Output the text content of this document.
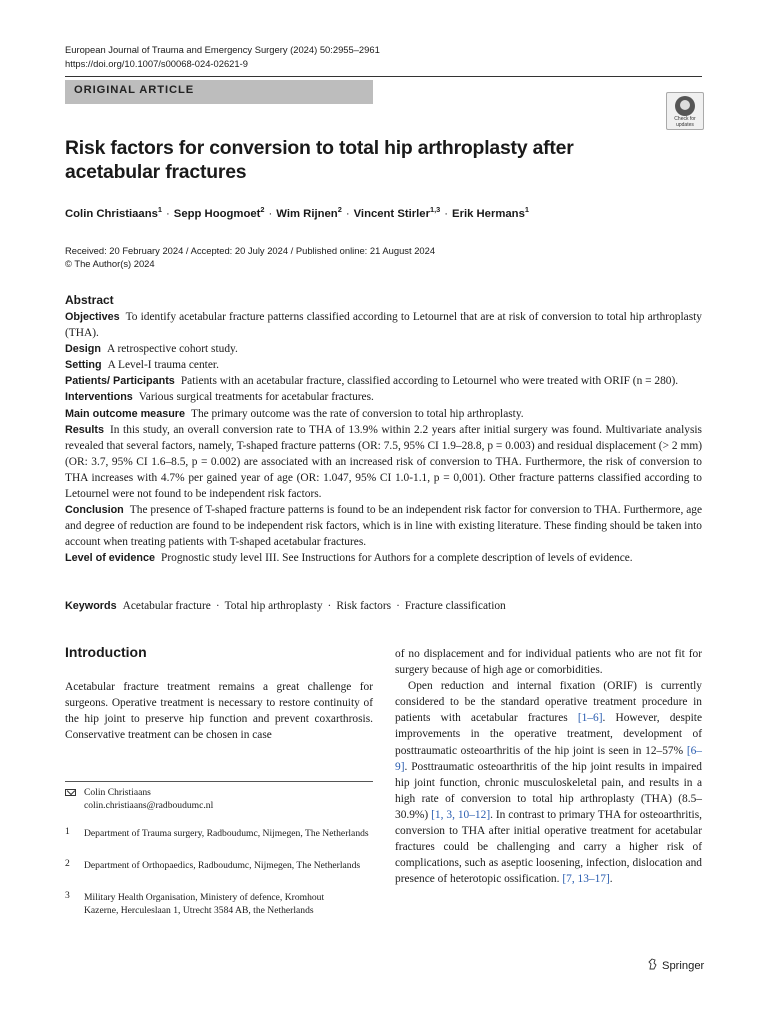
European Journal of Trauma and Emergency Surgery (2024) 50:2955–2961
https://doi.org/10.1007/s00068-024-02621-9
ORIGINAL ARTICLE
Check for
updates
Risk factors for conversion to total hip arthroplasty after acetabular fractures
Colin Christiaans$^1$ · Sepp Hoogmoet$^2$ · Wim Rijnen$^2$ · Vincent Stirler$^{1,3}$ · Erik Hermans$^1$
Received: 20 February 2024 / Accepted: 20 July 2024 / Published online: 21 August 2024
© The Author(s) 2024
Abstract

Objectives To identify acetabular fracture patterns classified according to Letournel that are at risk of conversion to total hip arthroplasty (THA).

Design A retrospective cohort study.

Setting A Level-I trauma center.

Patients/ Participants Patients with an acetabular fracture, classified according to Letournel who were treated with ORIF (n = 280).

Interventions Various surgical treatments for acetabular fractures.

Main outcome measure The primary outcome was the rate of conversion to total hip arthroplasty.

Results In this study, an overall conversion rate to THA of 13.9% within 2.2 years after initial surgery was found. Multivariate analysis revealed that several factors, namely, T-shaped fracture patterns (OR: 7.5, 95% CI 1.9–28.8, p = 0.003) and residual displacement (> 2 mm) (OR: 3.7, 95% CI 1.6–8.5, p = 0.002) are associated with an increased risk of conversion to THA. Furthermore, the risk of conversion to THA increases with 4.7% per gained year of age (OR: 1.047, 95% CI 1.0-1.1, p = 0,001). Other fracture patterns classified according to Letournel were not found to be independent risk factors.

Conclusion The presence of T-shaped fracture patterns is found to be an independent risk factor for conversion to THA. Furthermore, age and degree of reduction are found to be independent risk factors, which is in line with existing literature. These finding should be taken into account when treating patients with T-shaped acetabular fractures.

Level of evidence Prognostic study level III. See Instructions for Authors for a complete description of levels of evidence.

Keywords Acetabular fracture · Total hip arthroplasty · Risk factors · Fracture classification
Introduction
Acetabular fracture treatment remains a great challenge for surgeons. Operative treatment is necessary to restore continuity of the hip joint to preserve hip function and prevent coxarthrosis. Conservative treatment can be chosen in case

of no displacement and for individual patients who are not fit for surgery because of high age or comorbidities.

Open reduction and internal fixation (ORIF) is currently considered to be the standard operative treatment procedure in patients with acetabular fractures [1–6]. However, despite improvements in the operative treatment, development of posttraumatic osteoarthritis of the hip joint is seen in 12–57% [6–9]. Posttraumatic osteoarthritis of the hip joint results in impaired hip joint function, chronic musculoskeletal pain, and results in a high rate of conversion to total hip arthroplasty (THA) (8.5–30.9%) [1, 3, 10–12]. In contrast to primary THA for osteoarthritis, conversion to THA after initial operative treatment for acetabular fractures could be challenging and carry a higher risk of complications, such as aseptic loosening, infection, dislocation and presence of heterotopic ossification. [7, 13–17].

Colin Christiaans
colin.christiaans@radboudumc.nl
1	Department of Trauma surgery, Radboudumc, Nijmegen, The Netherlands
2	Department of Orthopaedics, Radboudumc, Nijmegen, The Netherlands
3	Military Health Organisation, Ministery of defence, Kromhout Kazerne, Herculeslaan 1, Utrecht 3584 AB, the Netherlands
Springer
